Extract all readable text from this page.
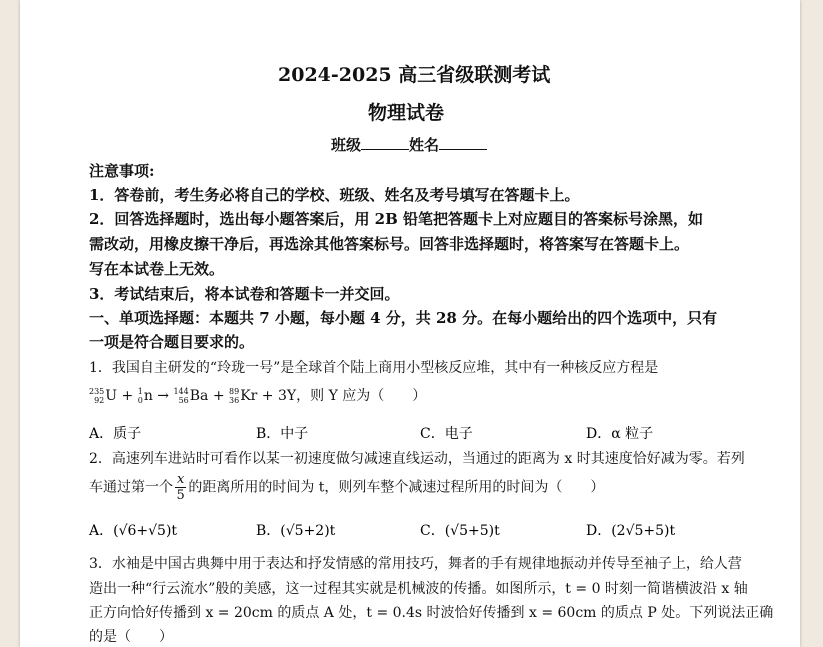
2024-2025 高三省级联测考试
物理试卷
班级	姓名
注意事项:
1．答卷前，考生务必将自己的学校、班级、姓名及考号填写在答题卡上。
2．回答选择题时，选出每小题答案后，用 2B 铅笔把答题卡上对应题目的答案标号涂黑，如
需改动，用橡皮擦干净后，再选涂其他答案标号。回答非选择题时，将答案写在答题卡上。
写在本试卷上无效。
3．考试结束后，将本试卷和答题卡一并交回。
一、单项选择题：本题共 7 小题，每小题 4 分，共 28 分。在每小题给出的四个选项中，只有
一项是符合题目要求的。
1．我国自主研发的“玲珑一号”是全球首个陆上商用小型核反应堆，其中有一种核反应方程是
235
92 U + 1
0 n → 144
56 Ba + 89
36 Kr + 3Y，则 Y 应为（　　）
A．质子	B．中子	C．电子	D．α 粒子
2．高速列车进站时可看作以某一初速度做匀减速直线运动，当通过的距离为 x 时其速度恰好减为零。若列
车通过第一个 $\frac{x}{5}$ 的距离所用的时间为 t，则列车整个减速过程所用的时间为（　　）
A．(√6+√5)t	B．(√5+2)t	C．(√5+5)t	D．(2√5+5)t
3．水袖是中国古典舞中用于表达和抒发情感的常用技巧，舞者的手有规律地振动并传导至袖子上，给人营
造出一种“行云流水”般的美感，这一过程其实就是机械波的传播。如图所示，t = 0 时刻一简谐横波沿 x 轴
正方向恰好传播到 x = 20cm 的质点 A 处，t = 0.4s 时波恰好传播到 x = 60cm 的质点 P 处。下列说法正确
的是（　　）
